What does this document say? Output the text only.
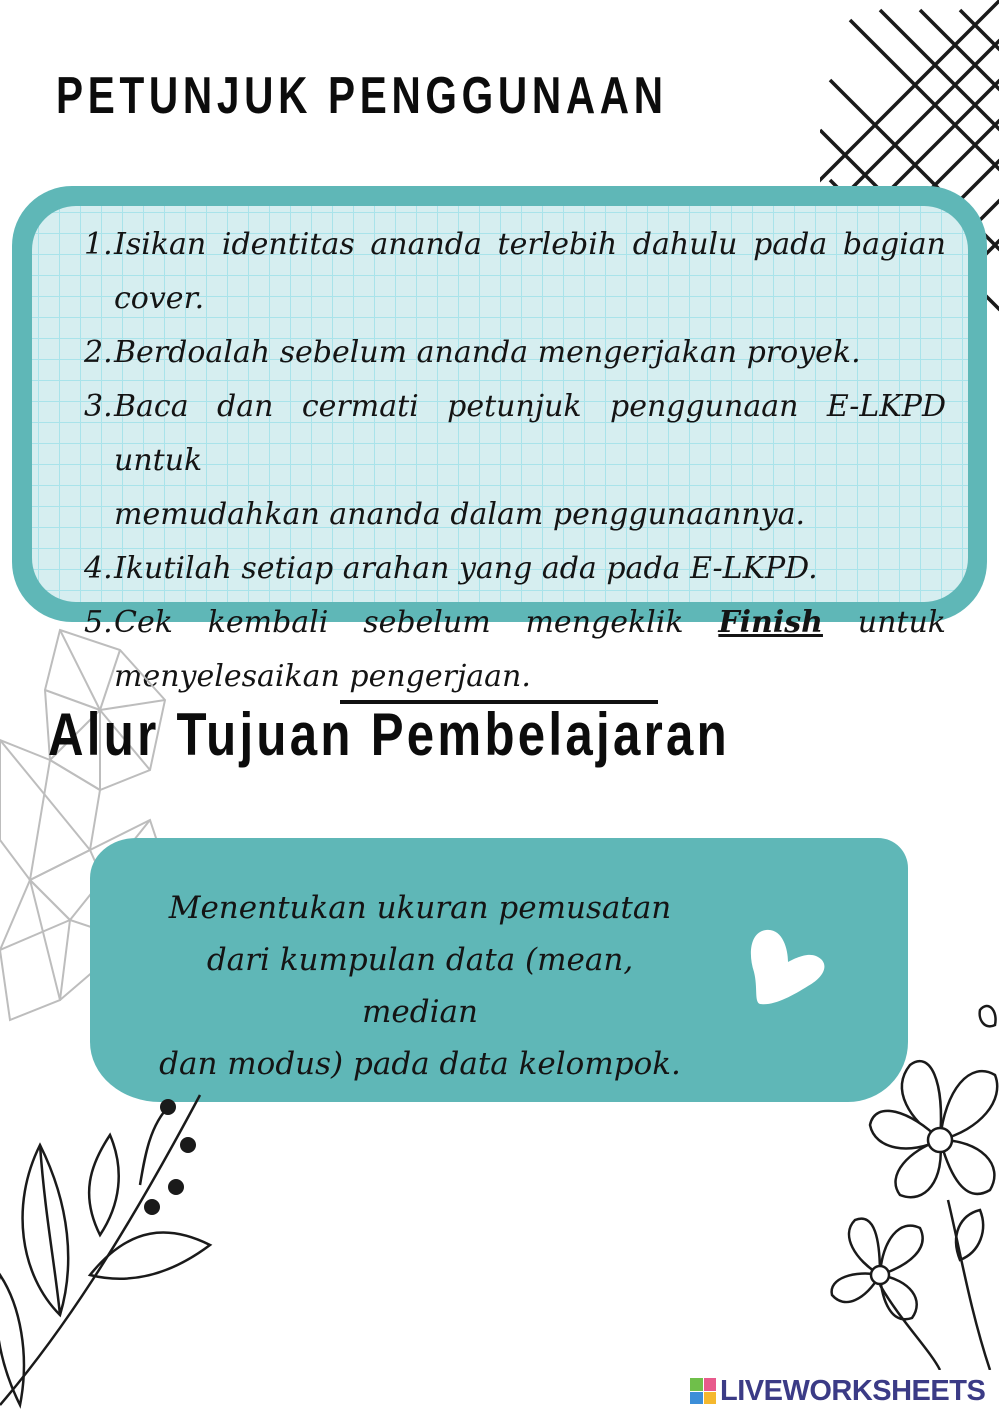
PETUNJUK PENGGUNAAN
1. Isikan identitas ananda terlebih dahulu pada bagian cover.
2. Berdoalah sebelum ananda mengerjakan proyek.
3. Baca dan cermati petunjuk penggunaan E-LKPD untuk
memudahkan ananda dalam penggunaannya.
4. Ikutilah setiap arahan yang ada pada E-LKPD.
5. Cek kembali sebelum mengeklik Finish untuk
menyelesaikan pengerjaan.
Alur Tujuan Pembelajaran
Menentukan ukuran pemusatan
dari kumpulan data (mean, median
dan modus) pada data kelompok.
LIVEWORKSHEETS
